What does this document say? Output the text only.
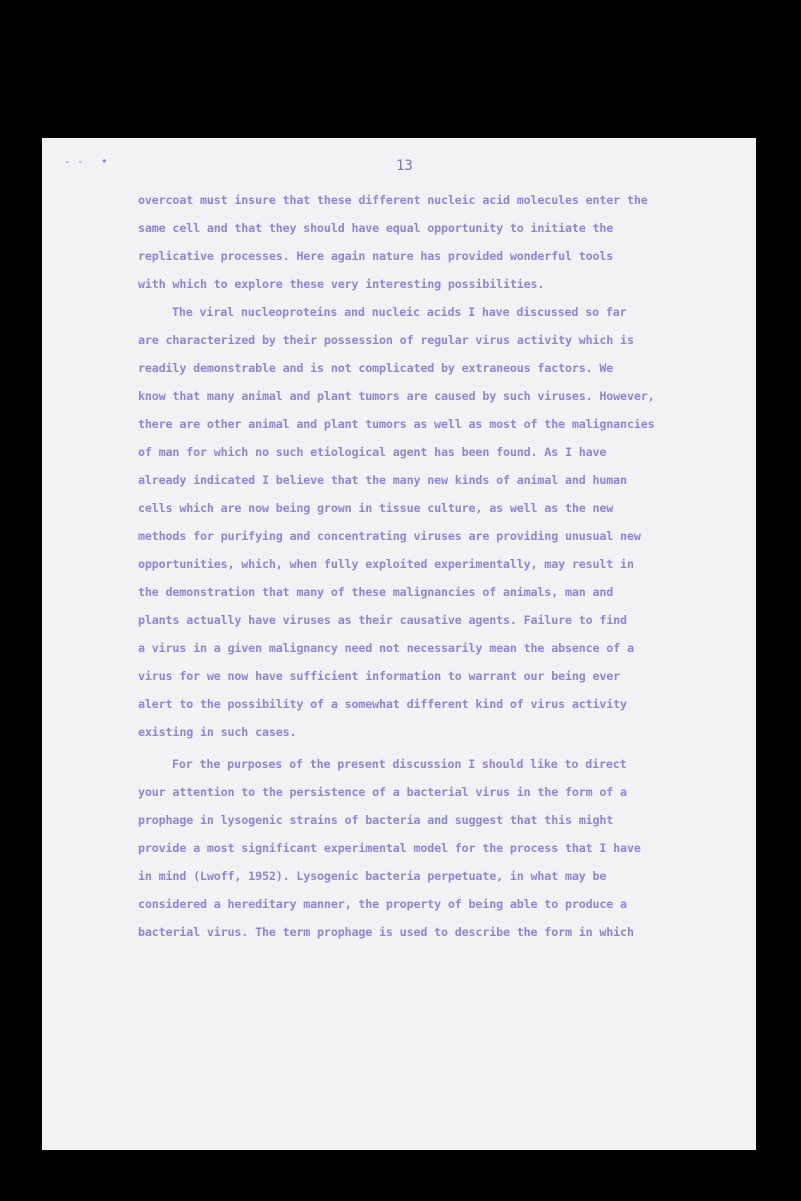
- - •	13
overcoat must insure that these different nucleic acid molecules enter the
same cell and that they should have equal opportunity to initiate the
replicative processes. Here again nature has provided wonderful tools
with which to explore these very interesting possibilities.
The viral nucleoproteins and nucleic acids I have discussed so far
are characterized by their possession of regular virus activity which is
readily demonstrable and is not complicated by extraneous factors. We
know that many animal and plant tumors are caused by such viruses. However,
there are other animal and plant tumors as well as most of the malignancies
of man for which no such etiological agent has been found. As I have
already indicated I believe that the many new kinds of animal and human
cells which are now being grown in tissue culture, as well as the new
methods for purifying and concentrating viruses are providing unusual new
opportunities, which, when fully exploited experimentally, may result in
the demonstration that many of these malignancies of animals, man and
plants actually have viruses as their causative agents. Failure to find
a virus in a given malignancy need not necessarily mean the absence of a
virus for we now have sufficient information to warrant our being ever
alert to the possibility of a somewhat different kind of virus activity
existing in such cases.
For the purposes of the present discussion I should like to direct
your attention to the persistence of a bacterial virus in the form of a
prophage in lysogenic strains of bacteria and suggest that this might
provide a most significant experimental model for the process that I have
in mind (Lwoff, 1952). Lysogenic bacteria perpetuate, in what may be
considered a hereditary manner, the property of being able to produce a
bacterial virus. The term prophage is used to describe the form in which
